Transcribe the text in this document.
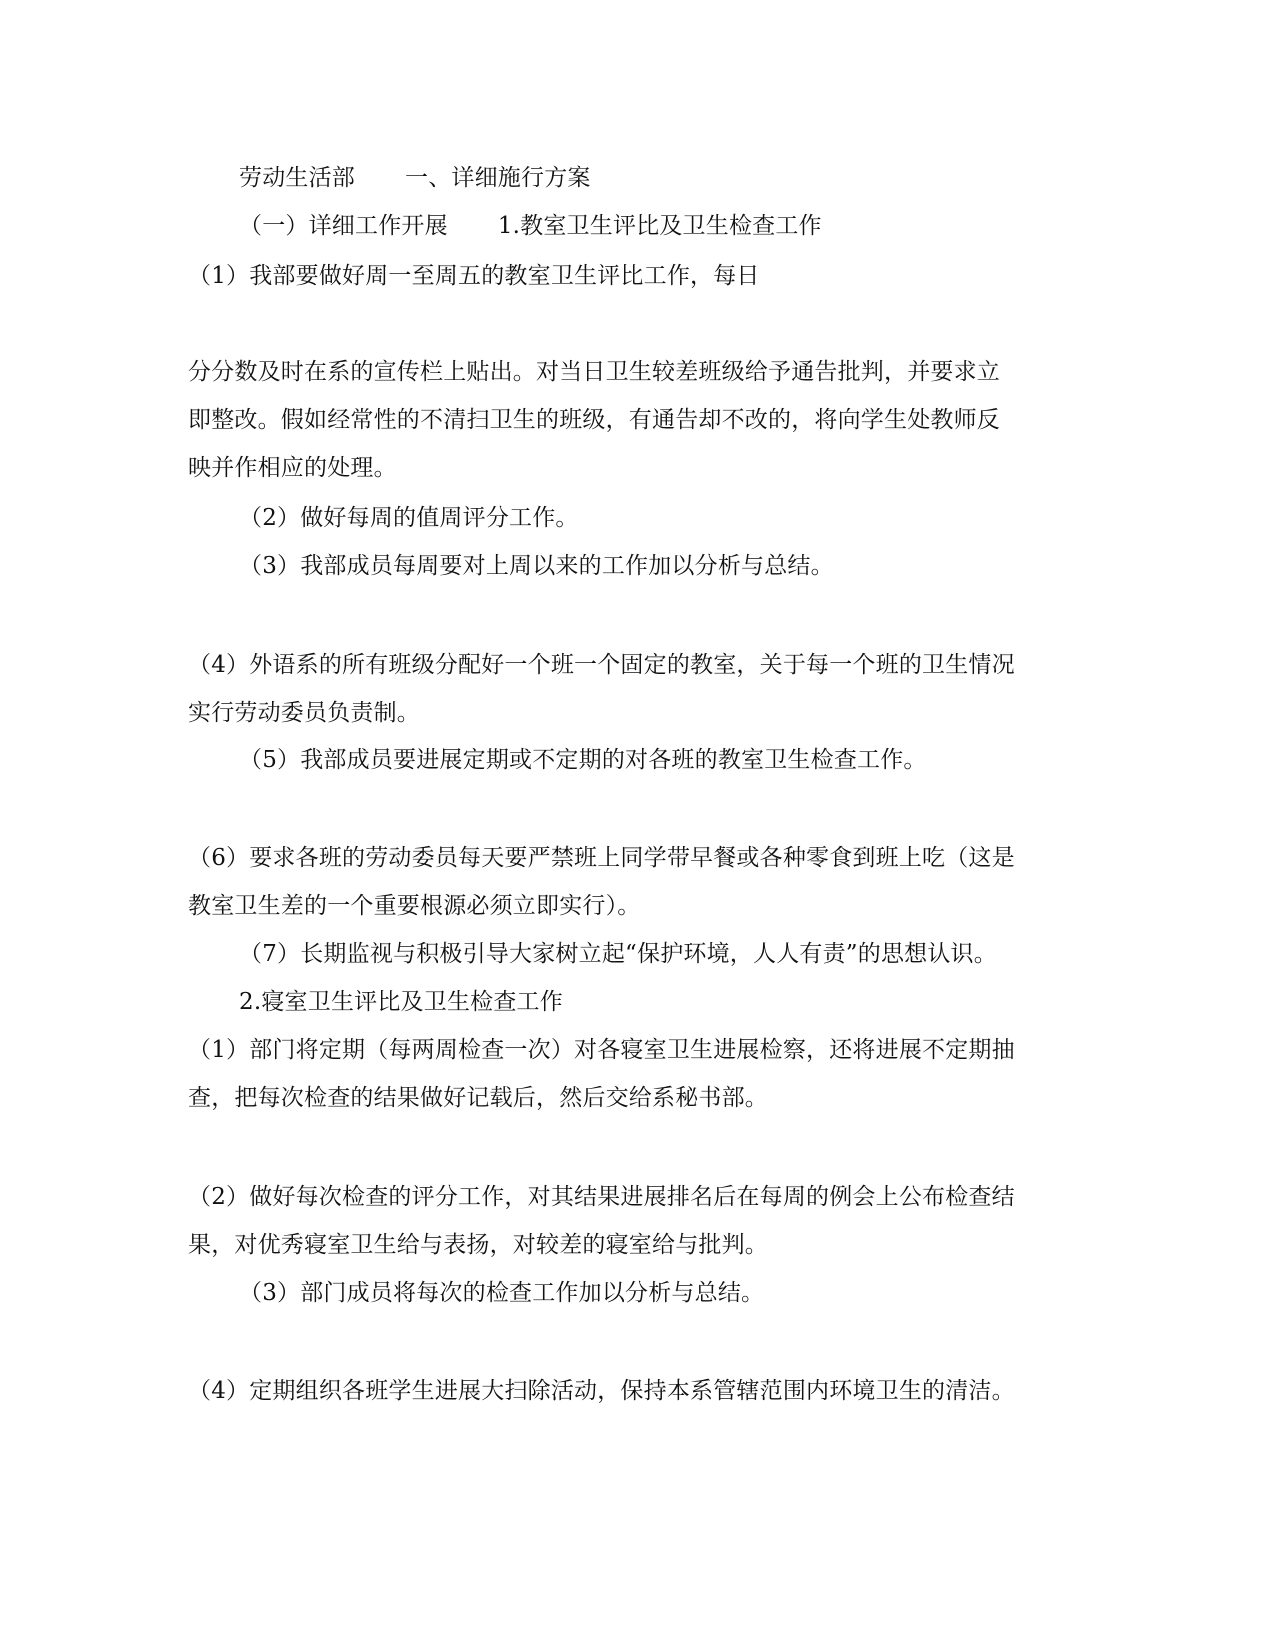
劳动生活部 一、详细施行方案
（一）详细工作开展 1.教室卫生评比及卫生检查工作
（1）我部要做好周一至周五的教室卫生评比工作，每日
分分数及时在系的宣传栏上贴出。对当日卫生较差班级给予通告批判，并要求立
即整改。假如经常性的不清扫卫生的班级，有通告却不改的，将向学生处教师反
映并作相应的处理。
（2）做好每周的值周评分工作。
（3）我部成员每周要对上周以来的工作加以分析与总结。
（4）外语系的所有班级分配好一个班一个固定的教室，关于每一个班的卫生情况
实行劳动委员负责制。
（5）我部成员要进展定期或不定期的对各班的教室卫生检查工作。
（6）要求各班的劳动委员每天要严禁班上同学带早餐或各种零食到班上吃（这是
教室卫生差的一个重要根源必须立即实行）。
（7）长期监视与积极引导大家树立起“保护环境，人人有责”的思想认识。
2.寝室卫生评比及卫生检查工作
（1）部门将定期（每两周检查一次）对各寝室卫生进展检察，还将进展不定期抽
查，把每次检查的结果做好记载后，然后交给系秘书部。
（2）做好每次检查的评分工作，对其结果进展排名后在每周的例会上公布检查结
果，对优秀寝室卫生给与表扬，对较差的寝室给与批判。
（3）部门成员将每次的检查工作加以分析与总结。
（4）定期组织各班学生进展大扫除活动，保持本系管辖范围内环境卫生的清洁。
